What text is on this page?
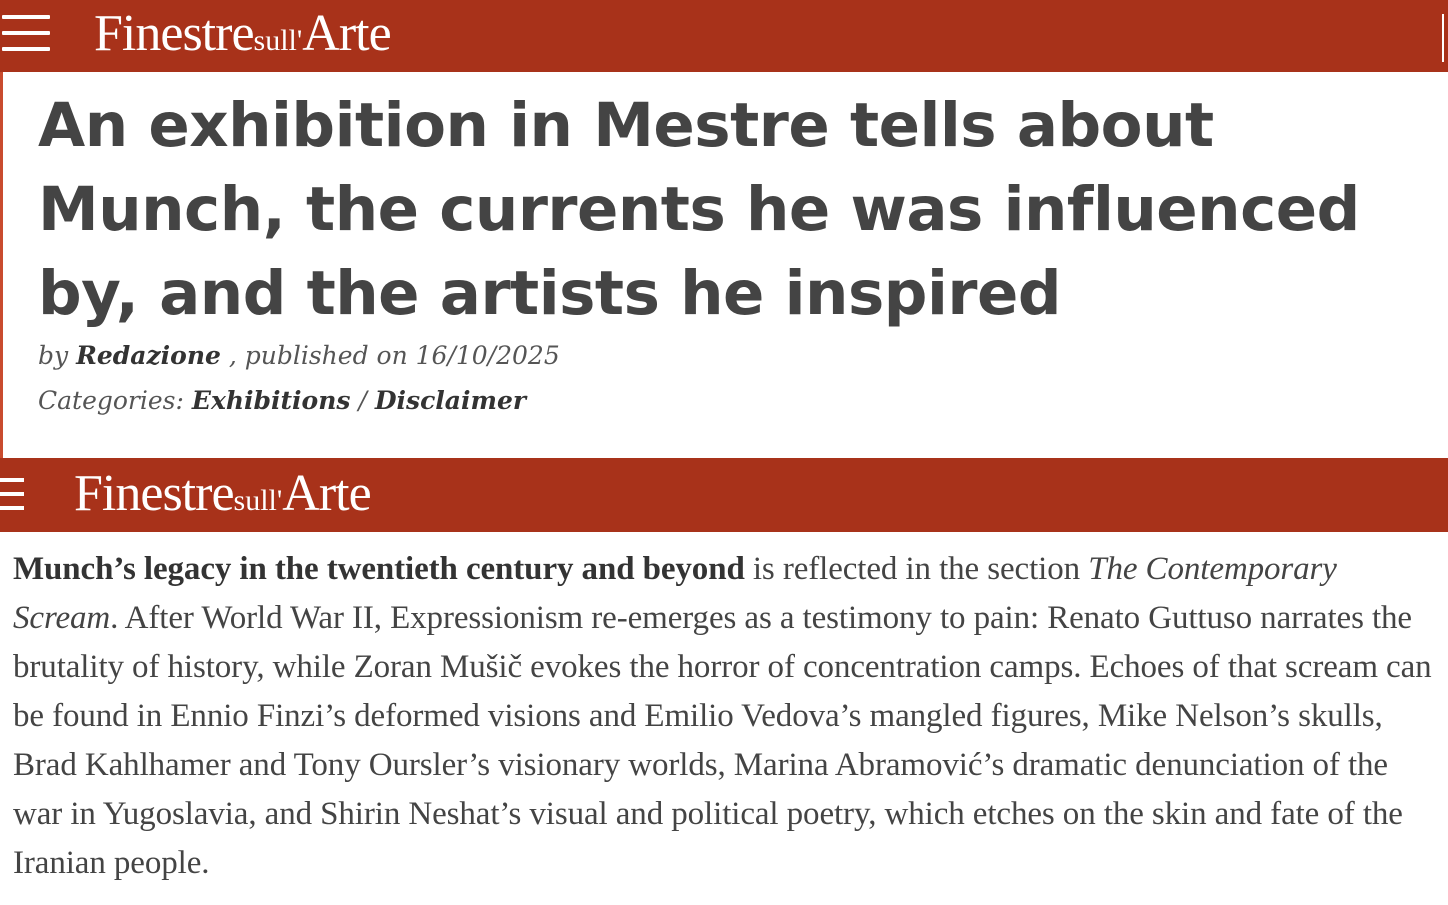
Finestresull'Arte
An exhibition in Mestre tells about Munch, the currents he was influenced by, and the artists he inspired
by Redazione , published on 16/10/2025
Categories: Exhibitions / Disclaimer
Finestresull'Arte

Munch’s legacy in the twentieth century and beyond is reflected in the section The Contemporary Scream. After World War II, Expressionism re-emerges as a testimony to pain: Renato Guttuso narrates the brutality of history, while Zoran Mušič evokes the horror of concentration camps. Echoes of that scream can be found in Ennio Finzi’s deformed visions and Emilio Vedova’s mangled figures, Mike Nelson’s skulls, Brad Kahlhamer and Tony Oursler’s visionary worlds, Marina Abramović’s dramatic denunciation of the war in Yugoslavia, and Shirin Neshat’s visual and political poetry, which etches on the skin and fate of the Iranian people.
